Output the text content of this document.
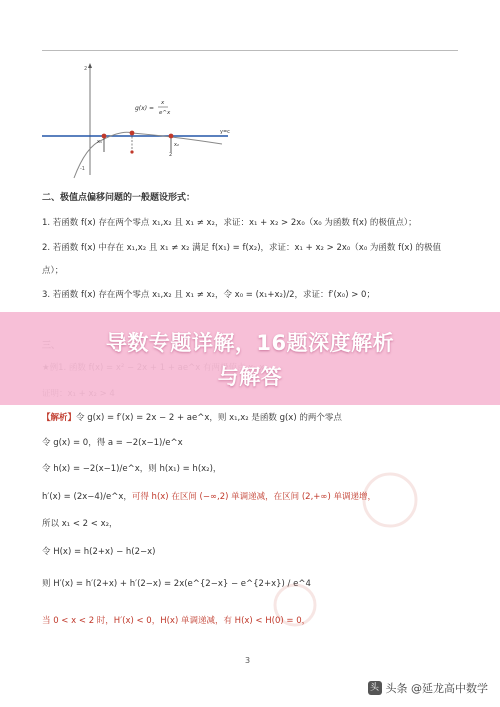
2
-1
x₁	x₂
2
y=c
g(x) =
x
e^x
二、极值点偏移问题的一般题设形式：
1. 若函数 f(x) 存在两个零点 x₁,x₂ 且 x₁ ≠ x₂，求证：x₁ + x₂ > 2x₀（x₀ 为函数 f(x) 的极值点）；
2. 若函数 f(x) 中存在 x₁,x₂ 且 x₁ ≠ x₂ 满足 f(x₁) = f(x₂)，求证：x₁ + x₂ > 2x₀（x₀ 为函数 f(x) 的极值
点）；
3. 若函数 f(x) 存在两个零点 x₁,x₂ 且 x₁ ≠ x₂，令 x₀ = (x₁+x₂)/2，求证：f′(x₀) > 0；
【解析】令 g(x) = f′(x) = 2x − 2 + ae^x，则 x₁,x₂ 是函数 g(x) 的两个零点
令 g(x) = 0，得 a = −2(x−1)/e^x
令 h(x) = −2(x−1)/e^x，则 h(x₁) = h(x₂)，
h′(x) = (2x−4)/e^x，可得 h(x) 在区间 (−∞,2) 单调递减，在区间 (2,+∞) 单调递增，
所以 x₁ < 2 < x₂，
令 H(x) = h(2+x) − h(2−x)
则 H′(x) = h′(2+x) + h′(2−x) = 2x(e^{2−x} − e^{2+x}) / e^4
当 0 < x < 2 时，H′(x) < 0，H(x) 单调递减，有 H(x) < H(0) = 0，
导数专题详解，16题深度解析
与解答
3
头 头条 @延龙高中数学
